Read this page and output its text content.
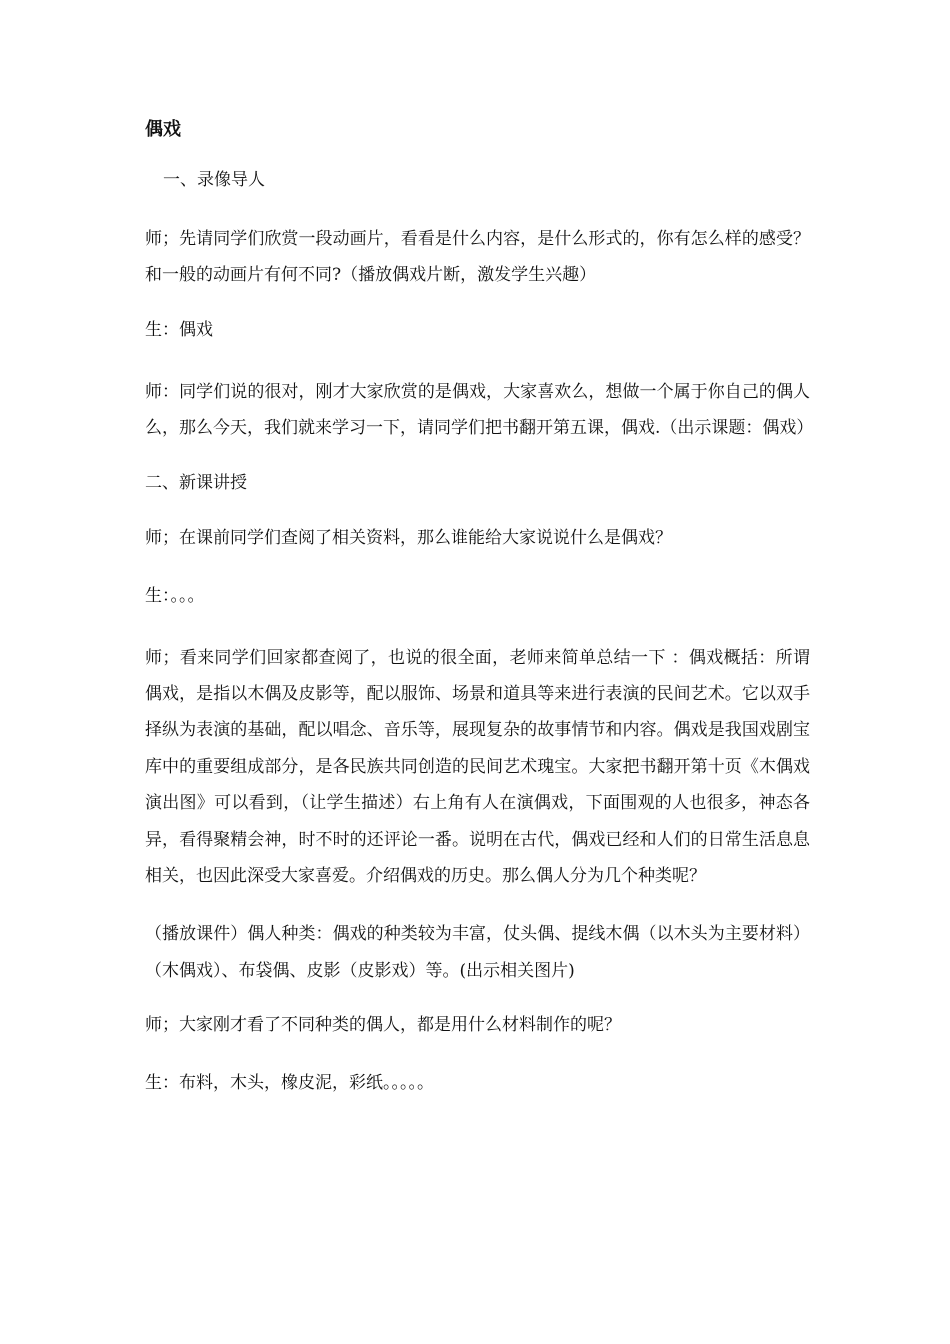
偶戏
一、录像导人
师；先请同学们欣赏一段动画片，看看是什么内容，是什么形式的，你有怎么样的感受？和一般的动画片有何不同?（播放偶戏片断，激发学生兴趣）
生：偶戏
师：同学们说的很对，刚才大家欣赏的是偶戏，大家喜欢么，想做一个属于你自己的偶人么，那么今天，我们就来学习一下，请同学们把书翻开第五课，偶戏.（出示课题：偶戏）
二、新课讲授
师；在课前同学们查阅了相关资料，那么谁能给大家说说什么是偶戏？
生：。。。
师；看来同学们回家都查阅了，也说的很全面，老师来简单总结一下 ：偶戏概括：所谓偶戏，是指以木偶及皮影等，配以服饰、场景和道具等来进行表演的民间艺术。它以双手择纵为表演的基础，配以唱念、音乐等，展现复杂的故事情节和内容。偶戏是我国戏剧宝库中的重要组成部分，是各民族共同创造的民间艺术瑰宝。大家把书翻开第十页《木偶戏演出图》可以看到，（让学生描述）右上角有人在演偶戏，下面围观的人也很多，神态各异，看得聚精会神，时不时的还评论一番。说明在古代，偶戏已经和人们的日常生活息息相关，也因此深受大家喜爱。介绍偶戏的历史。那么偶人分为几个种类呢？
（播放课件）偶人种类：偶戏的种类较为丰富，仗头偶、提线木偶（以木头为主要材料）（木偶戏）、布袋偶、皮影（皮影戏）等。(出示相关图片)
师；大家刚才看了不同种类的偶人，都是用什么材料制作的呢？
生：布料，木头，橡皮泥，彩纸。。。。。
